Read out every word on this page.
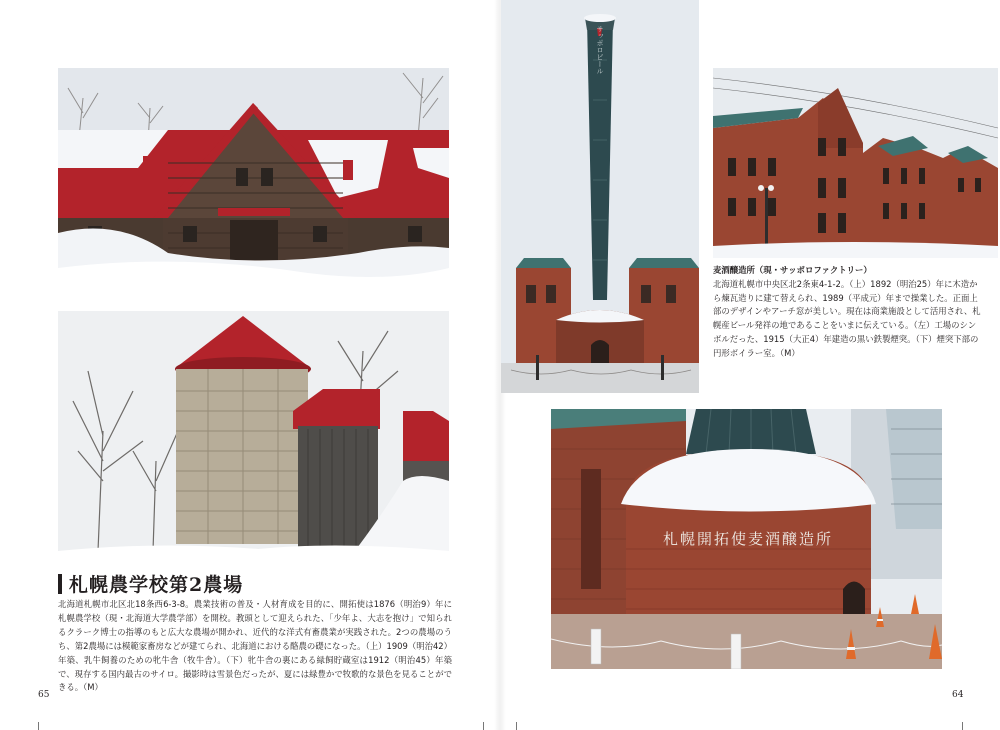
サッポロビール
札幌開拓使麦酒醸造所
札幌農学校第2農場

北海道札幌市北区北18条西6-3-8。農業技術の普及・人材育成を目的に、開拓使は1876（明治9）年に札幌農学校（現・北海道大学農学部）を開校。教頭として迎えられた、「少年よ、大志を抱け」で知られるクラーク博士の指導のもと広大な農場が開かれ、近代的な洋式有畜農業が実践された。2つの農場のうち、第2農場には模範家畜房などが建てられ、北海道における酪農の礎になった。（上）1909（明治42）年築、乳牛飼養のための牝牛舎（牧牛舎）。（下）牝牛舎の裏にある緑飼貯蔵室は1912（明治45）年築で、現存する国内最古のサイロ。撮影時は雪景色だったが、夏には緑豊かで牧歌的な景色を見ることができる。（M）

麦酒醸造所（現・サッポロファクトリー）
北海道札幌市中央区北2条東4-1-2。（上）1892（明治25）年に木造から煉瓦造りに建て替えられ、1989（平成元）年まで操業した。正面上部のデザインやアーチ窓が美しい。現在は商業施設として活用され、札幌産ビール発祥の地であることをいまに伝えている。（左）工場のシンボルだった、1915（大正4）年建造の黒い鉄製煙突。（下）煙突下部の円形ボイラー室。（M）
65	64
